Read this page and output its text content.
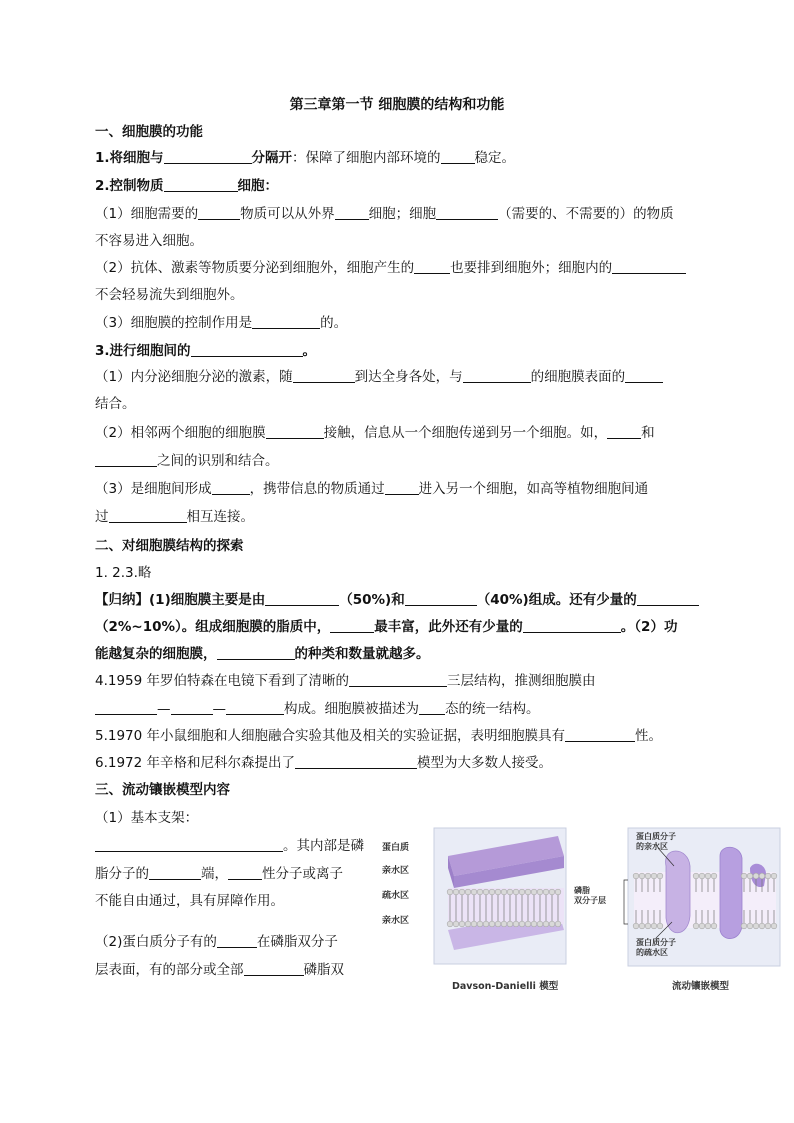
第三章第一节 细胞膜的结构和功能
一、细胞膜的功能
1.将细胞与	分隔开：保障了细胞内部环境的	稳定。
2.控制物质	细胞：
（1）细胞需要的	物质可以从外界	细胞；细胞	（需要的、不需要的）的物质
不容易进入细胞。
（2）抗体、激素等物质要分泌到细胞外，细胞产生的	也要排到细胞外；细胞内的
不会轻易流失到细胞外。
（3）细胞膜的控制作用是	的。
3.进行细胞间的	。
（1）内分泌细胞分泌的激素，随	到达全身各处，与	的细胞膜表面的
结合。
（2）相邻两个细胞的细胞膜	接触，信息从一个细胞传递到另一个细胞。如，	和
之间的识别和结合。
（3）是细胞间形成	，携带信息的物质通过	进入另一个细胞，如高等植物细胞间通
过	相互连接。
二、对细胞膜结构的探索
1. 2.3.略
【归纳】(1)细胞膜主要是由	（50%)和	（40%)组成。还有少量的
（2%~10%）。组成细胞膜的脂质中，	最丰富，此外还有少量的	。（2）功
能越复杂的细胞膜，	的种类和数量就越多。
4.1959 年罗伯特森在电镜下看到了清晰的	三层结构，推测细胞膜由
—	—	构成。细胞膜被描述为 态的统一结构。
5.1970 年小鼠细胞和人细胞融合实验其他及相关的实验证据，表明细胞膜具有	性。
6.1972 年辛格和尼科尔森提出了	模型为大多数人接受。
三、流动镶嵌模型内容
（1）基本支架：
。其内部是磷
脂分子的	端，	性分子或离子
不能自由通过，具有屏障作用。
（2)蛋白质分子有的	在磷脂双分子
层表面，有的部分或全部	磷脂双
蛋白质
亲水区
疏水区
亲水区
Davson-Danielli 模型
蛋白质分子
的亲水区
蛋白质分子
的疏水区
磷脂
双分子层
流动镶嵌模型
